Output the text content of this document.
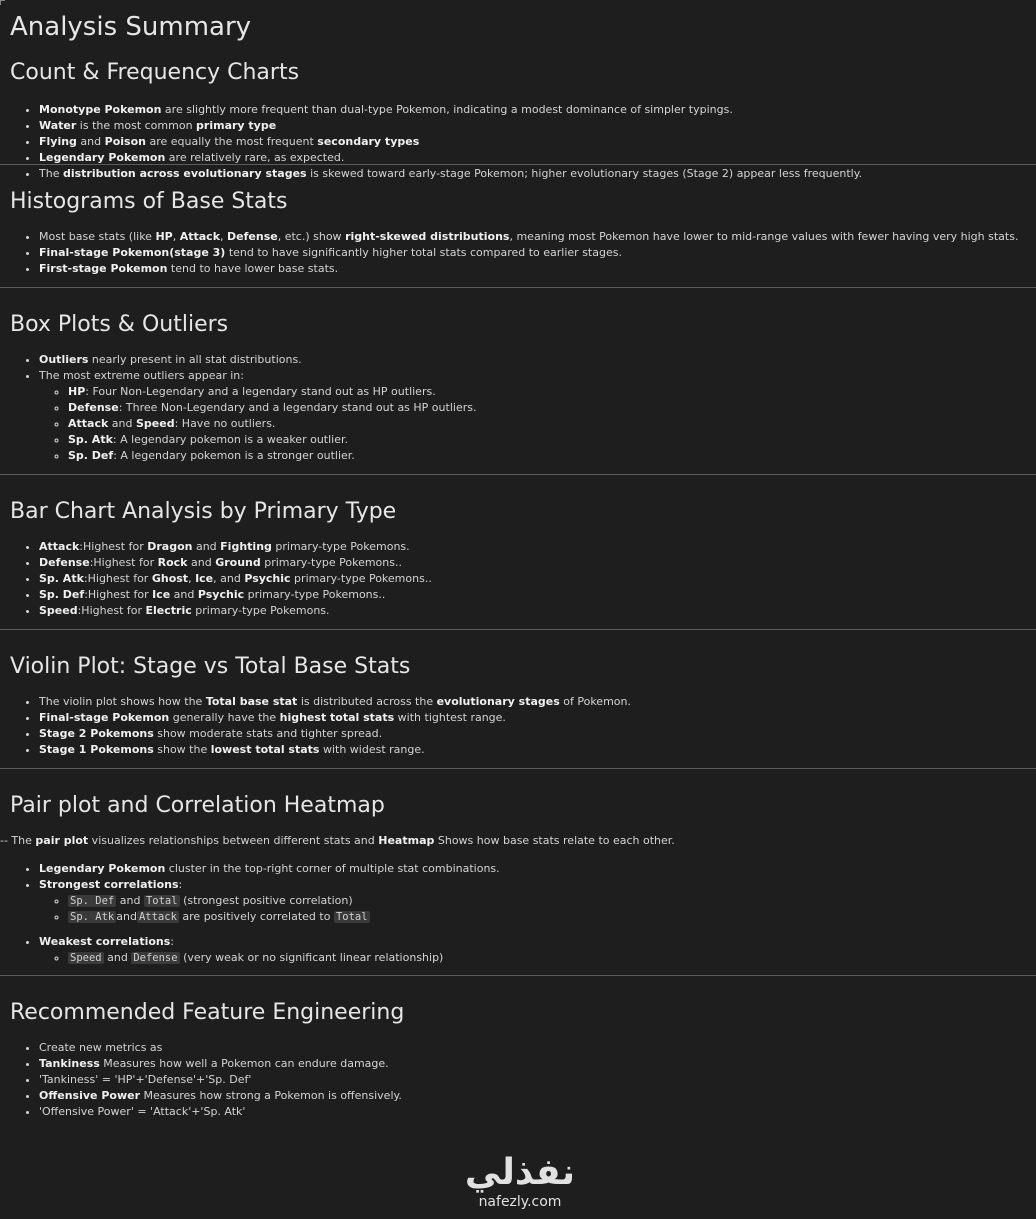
Analysis Summary
Count & Frequency Charts
• Monotype Pokemon are slightly more frequent than dual-type Pokemon, indicating a modest dominance of simpler typings.
• Water is the most common primary type
• Flying and Poison are equally the most frequent secondary types
• Legendary Pokemon are relatively rare, as expected.
• The distribution across evolutionary stages is skewed toward early-stage Pokemon; higher evolutionary stages (Stage 2) appear less frequently.
Histograms of Base Stats
• Most base stats (like HP, Attack, Defense, etc.) show right-skewed distributions, meaning most Pokemon have lower to mid-range values with fewer having very high stats.
• Final-stage Pokemon(stage 3) tend to have significantly higher total stats compared to earlier stages.
• First-stage Pokemon tend to have lower base stats.
Box Plots & Outliers
• Outliers nearly present in all stat distributions.
• The most extreme outliers appear in:
◦ HP: Four Non-Legendary and a legendary stand out as HP outliers.
◦ Defense: Three Non-Legendary and a legendary stand out as HP outliers.
◦ Attack and Speed: Have no outliers.
◦ Sp. Atk: A legendary pokemon is a weaker outlier.
◦ Sp. Def: A legendary pokemon is a stronger outlier.
Bar Chart Analysis by Primary Type
• Attack:Highest for Dragon and Fighting primary-type Pokemons.
• Defense:Highest for Rock and Ground primary-type Pokemons..
• Sp. Atk:Highest for Ghost, Ice, and Psychic primary-type Pokemons..
• Sp. Def:Highest for Ice and Psychic primary-type Pokemons..
• Speed:Highest for Electric primary-type Pokemons.
Violin Plot: Stage vs Total Base Stats
• The violin plot shows how the Total base stat is distributed across the evolutionary stages of Pokemon.
• Final-stage Pokemon generally have the highest total stats with tightest range.
• Stage 2 Pokemons show moderate stats and tighter spread.
• Stage 1 Pokemons show the lowest total stats with widest range.
Pair plot and Correlation Heatmap

-- The pair plot visualizes relationships between different stats and Heatmap Shows how base stats relate to each other.

• Legendary Pokemon cluster in the top-right corner of multiple stat combinations.
• Strongest correlations:
◦ Sp. Def and Total (strongest positive correlation)
◦ Sp. Atk and Attack are positively correlated to Total
• Weakest correlations:
◦ Speed and Defense (very weak or no significant linear relationship)
Recommended Feature Engineering
• Create new metrics as
• Tankiness Measures how well a Pokemon can endure damage.
• 'Tankiness' = 'HP'+'Defense'+'Sp. Def'
• Offensive Power Measures how strong a Pokemon is offensively.
• 'Offensive Power' = 'Attack'+'Sp. Atk'
نفذلي
nafezly.com
